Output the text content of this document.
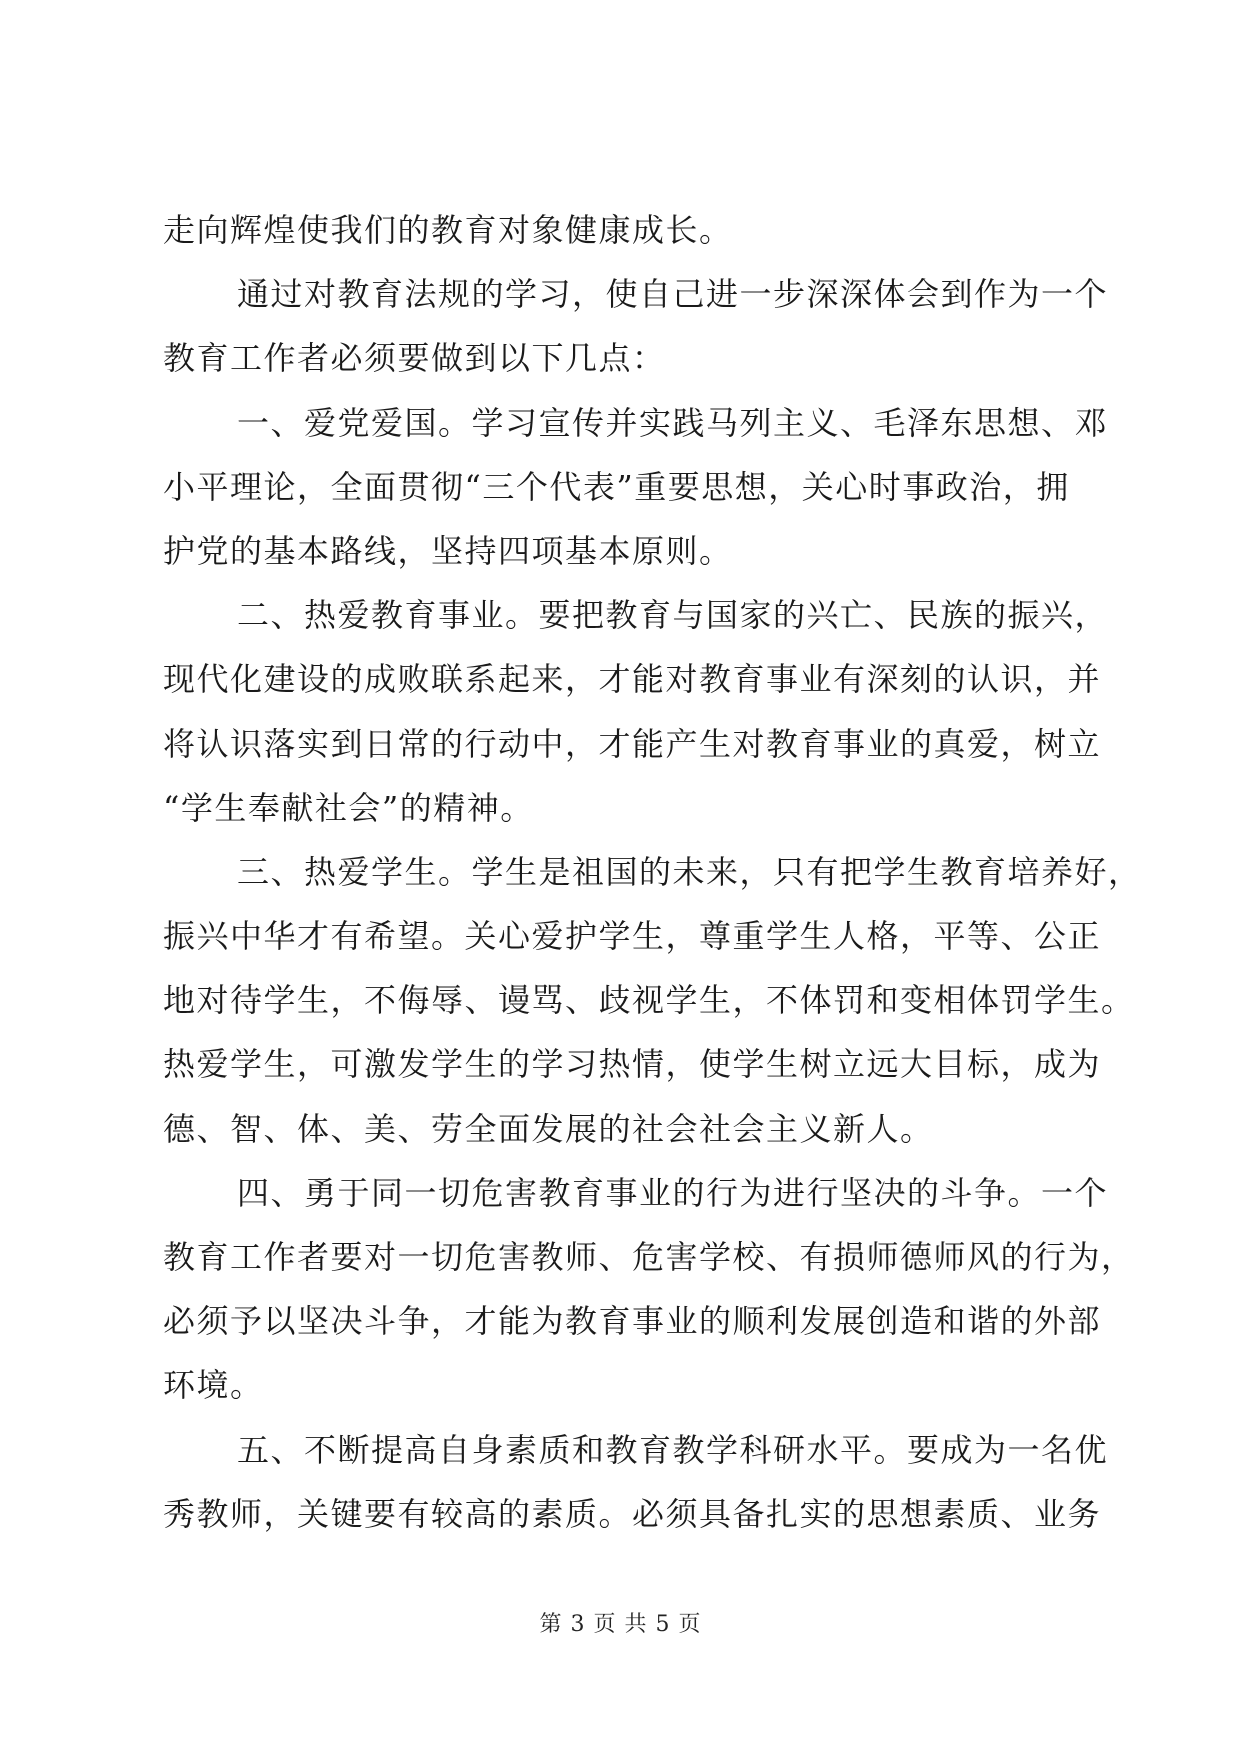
走向辉煌使我们的教育对象健康成长。
通过对教育法规的学习，使自己进一步深深体会到作为一个
教育工作者必须要做到以下几点：
一、爱党爱国。学习宣传并实践马列主义、毛泽东思想、邓
小平理论，全面贯彻“三个代表”重要思想，关心时事政治，拥
护党的基本路线，坚持四项基本原则。
二、热爱教育事业。要把教育与国家的兴亡、民族的振兴，
现代化建设的成败联系起来，才能对教育事业有深刻的认识，并
将认识落实到日常的行动中，才能产生对教育事业的真爱，树立
“学生奉献社会”的精神。
三、热爱学生。学生是祖国的未来，只有把学生教育培养好，
振兴中华才有希望。关心爱护学生，尊重学生人格，平等、公正
地对待学生，不侮辱、谩骂、歧视学生，不体罚和变相体罚学生。
热爱学生，可激发学生的学习热情，使学生树立远大目标，成为
德、智、体、美、劳全面发展的社会社会主义新人。
四、勇于同一切危害教育事业的行为进行坚决的斗争。一个
教育工作者要对一切危害教师、危害学校、有损师德师风的行为，
必须予以坚决斗争，才能为教育事业的顺利发展创造和谐的外部
环境。
五、不断提高自身素质和教育教学科研水平。要成为一名优
秀教师，关键要有较高的素质。必须具备扎实的思想素质、业务
第 3 页 共 5 页
